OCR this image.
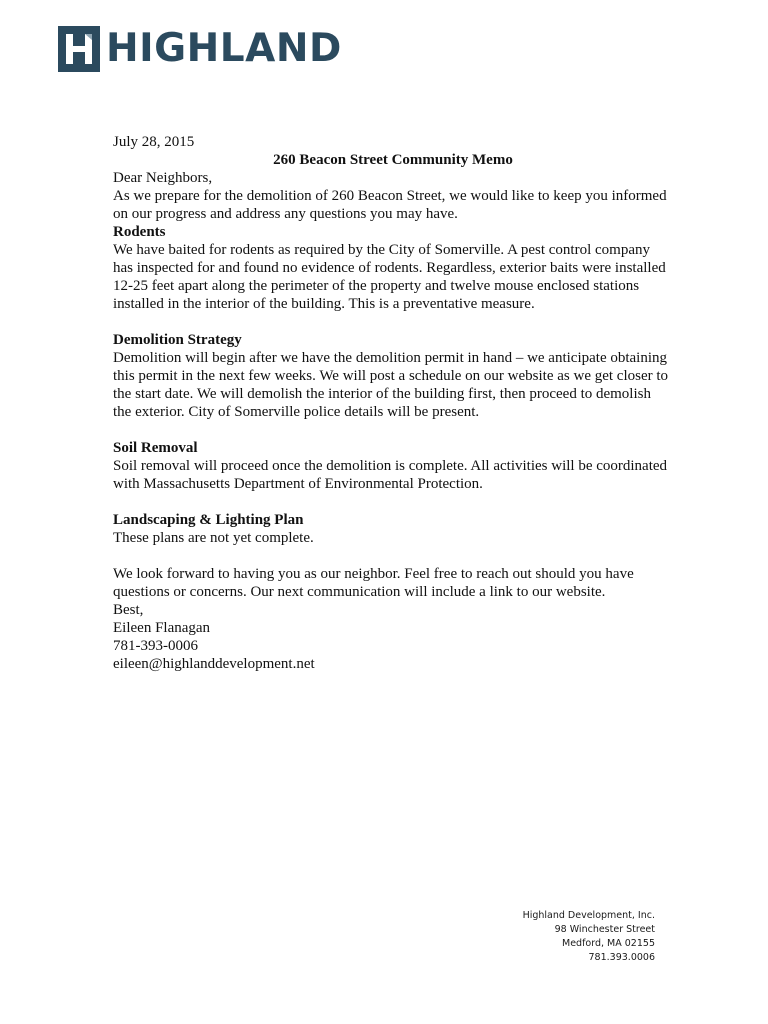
HIGHLAND

July 28, 2015

260 Beacon Street Community Memo

Dear Neighbors,

As we prepare for the demolition of 260 Beacon Street, we would like to keep you informed on our progress and address any questions you may have.

Rodents

We have baited for rodents as required by the City of Somerville. A pest control company has inspected for and found no evidence of rodents. Regardless, exterior baits were installed 12-25 feet apart along the perimeter of the property and twelve mouse enclosed stations installed in the interior of the building. This is a preventative measure.

Demolition Strategy

Demolition will begin after we have the demolition permit in hand – we anticipate obtaining this permit in the next few weeks. We will post a schedule on our website as we get closer to the start date. We will demolish the interior of the building first, then proceed to demolish the exterior. City of Somerville police details will be present.

Soil Removal

Soil removal will proceed once the demolition is complete. All activities will be coordinated with Massachusetts Department of Environmental Protection.

Landscaping & Lighting Plan

These plans are not yet complete.

We look forward to having you as our neighbor. Feel free to reach out should you have questions or concerns. Our next communication will include a link to our website.

Best,

Eileen Flanagan

781-393-0006

eileen@highlanddevelopment.net

Highland Development, Inc.
98 Winchester Street
Medford, MA 02155
781.393.0006
